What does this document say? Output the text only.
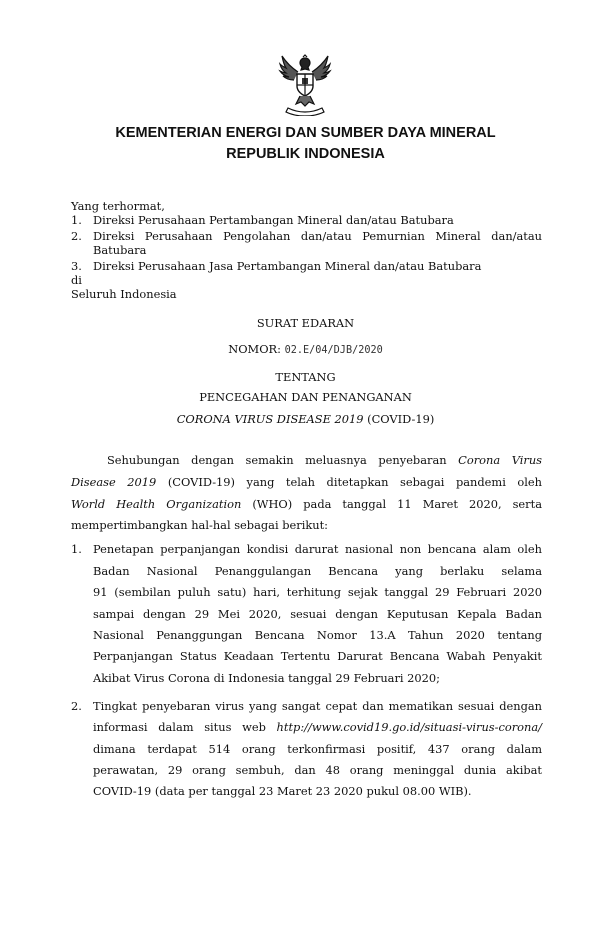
KEMENTERIAN ENERGI DAN SUMBER DAYA MINERAL
REPUBLIK INDONESIA
Yang terhormat,
1. Direksi Perusahaan Pertambangan Mineral dan/atau Batubara
2. Direksi Perusahaan Pengolahan dan/atau Pemurnian Mineral dan/atau
Batubara
3. Direksi Perusahaan Jasa Pertambangan Mineral dan/atau Batubara
di
Seluruh Indonesia
SURAT EDARAN
NOMOR: 02.E/04/DJB/2020
TENTANG
PENCEGAHAN DAN PENANGANAN
CORONA VIRUS DISEASE 2019 (COVID-19)
Sehubungan dengan semakin meluasnya penyebaran Corona Virus
Disease 2019 (COVID-19) yang telah ditetapkan sebagai pandemi oleh
World Health Organization (WHO) pada tanggal 11 Maret 2020, serta
mempertimbangkan hal-hal sebagai berikut:
1. Penetapan perpanjangan kondisi darurat nasional non bencana alam oleh
Badan Nasional Penanggulangan Bencana yang berlaku selama
91 (sembilan puluh satu) hari, terhitung sejak tanggal 29 Februari 2020
sampai dengan 29 Mei 2020, sesuai dengan Keputusan Kepala Badan
Nasional Penanggungan Bencana Nomor 13.A Tahun 2020 tentang
Perpanjangan Status Keadaan Tertentu Darurat Bencana Wabah Penyakit
Akibat Virus Corona di Indonesia tanggal 29 Februari 2020;
2. Tingkat penyebaran virus yang sangat cepat dan mematikan sesuai dengan
informasi dalam situs web http://www.covid19.go.id/situasi-virus-corona/
dimana terdapat 514 orang terkonfirmasi positif, 437 orang dalam
perawatan, 29 orang sembuh, dan 48 orang meninggal dunia akibat
COVID-19 (data per tanggal 23 Maret 23 2020 pukul 08.00 WIB).
